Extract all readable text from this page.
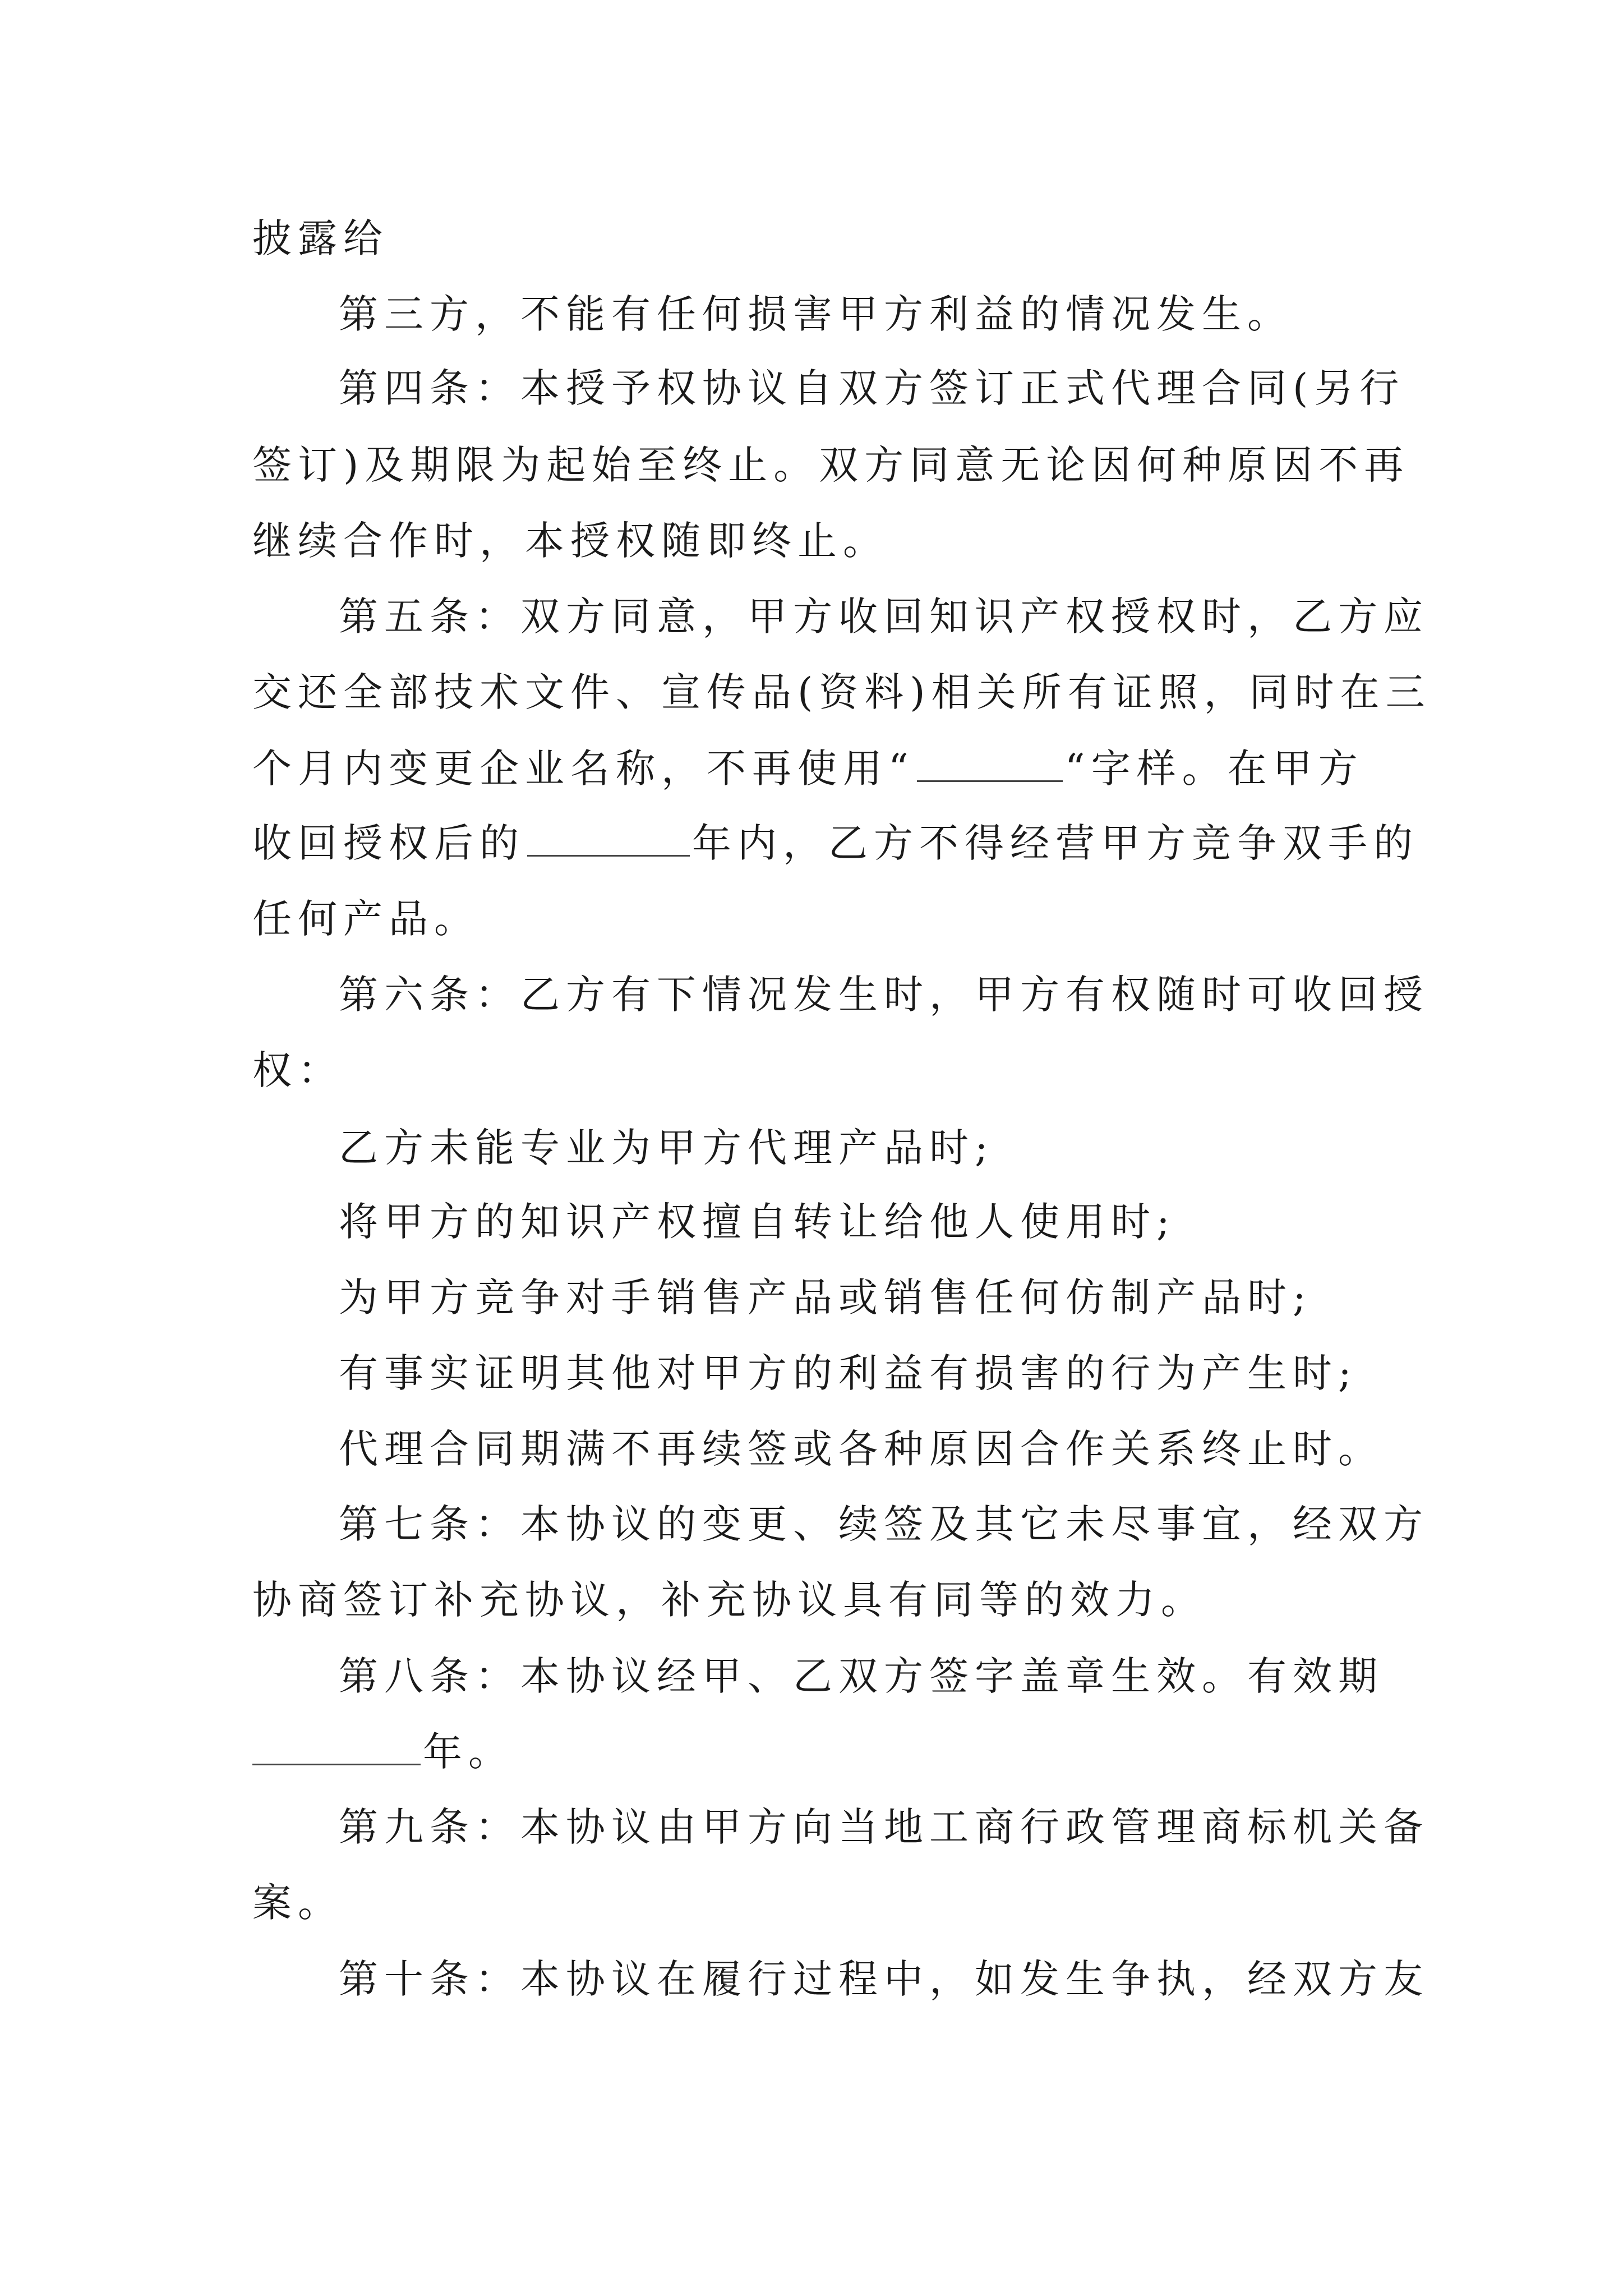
披露给
第三方，不能有任何损害甲方利益的情况发生。
第四条：本授予权协议自双方签订正式代理合同(另行
签订)及期限为起始至终止。双方同意无论因何种原因不再
继续合作时，本授权随即终止。
第五条：双方同意，甲方收回知识产权授权时，乙方应
交还全部技术文件、宣传品(资料)相关所有证照，同时在三
个月内变更企业名称，不再使用“	“字样。在甲方
收回授权后的	年内，乙方不得经营甲方竞争双手的
任何产品。
第六条：乙方有下情况发生时，甲方有权随时可收回授
权：
乙方未能专业为甲方代理产品时;
将甲方的知识产权擅自转让给他人使用时;
为甲方竞争对手销售产品或销售任何仿制产品时;
有事实证明其他对甲方的利益有损害的行为产生时;
代理合同期满不再续签或各种原因合作关系终止时。
第七条：本协议的变更、续签及其它未尽事宜，经双方
协商签订补充协议，补充协议具有同等的效力。
第八条：本协议经甲、乙双方签字盖章生效。有效期
年。
第九条：本协议由甲方向当地工商行政管理商标机关备
案。
第十条：本协议在履行过程中，如发生争执，经双方友
